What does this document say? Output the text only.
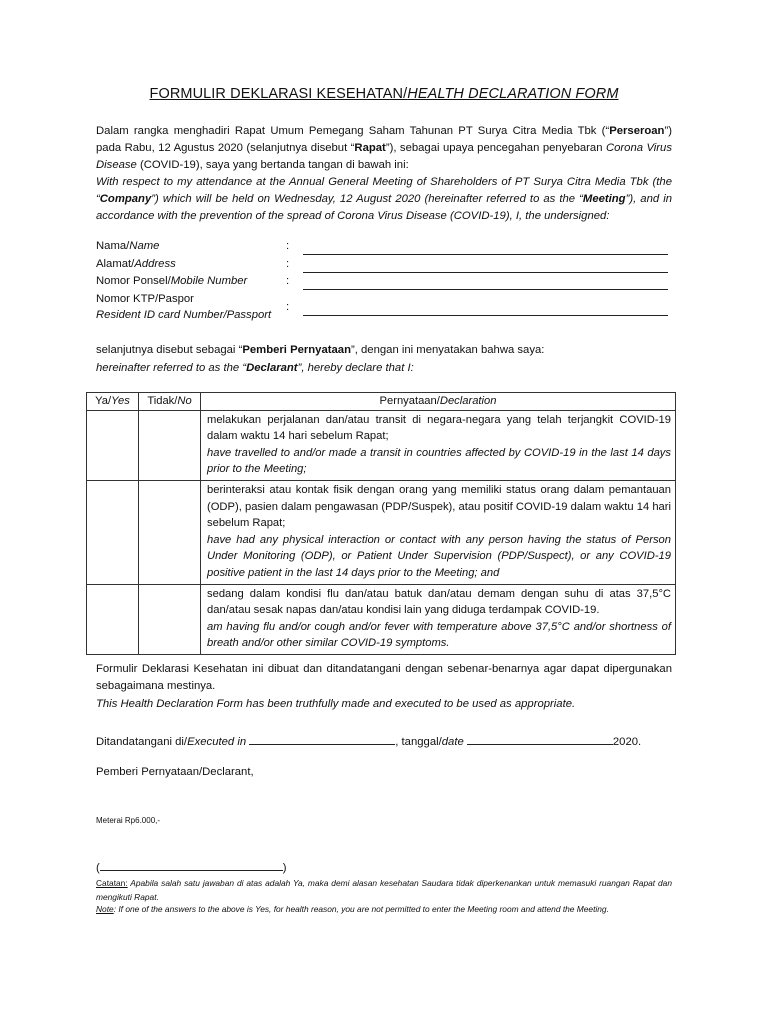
FORMULIR DEKLARASI KESEHATAN/HEALTH DECLARATION FORM
Dalam rangka menghadiri Rapat Umum Pemegang Saham Tahunan PT Surya Citra Media Tbk (“Perseroan”) pada Rabu, 12 Agustus 2020 (selanjutnya disebut “Rapat”), sebagai upaya pencegahan penyebaran Corona Virus Disease (COVID-19), saya yang bertanda tangan di bawah ini:
With respect to my attendance at the Annual General Meeting of Shareholders of PT Surya Citra Media Tbk (the “Company”) which will be held on Wednesday, 12 August 2020 (hereinafter referred to as the “Meeting”), and in accordance with the prevention of the spread of Corona Virus Disease (COVID-19), I, the undersigned:
Nama/Name	:
Alamat/Address	:
Nomor Ponsel/Mobile Number	:
Nomor KTP/Paspor
Resident ID card Number/Passport
:
selanjutnya disebut sebagai “Pemberi Pernyataan”, dengan ini menyatakan bahwa saya:
hereinafter referred to as the “Declarant”, hereby declare that I:
Ya/Yes	Tidak/No	Pernyataan/Declaration
		melakukan perjalanan dan/atau transit di negara-negara yang telah terjangkit COVID-19 dalam waktu 14 hari sebelum Rapat;
have travelled to and/or made a transit in countries affected by COVID-19 in the last 14 days prior to the Meeting;
		berinteraksi atau kontak fisik dengan orang yang memiliki status orang dalam pemantauan (ODP), pasien dalam pengawasan (PDP/Suspek), atau positif COVID-19 dalam waktu 14 hari sebelum Rapat;
have had any physical interaction or contact with any person having the status of Person Under Monitoring (ODP), or Patient Under Supervision (PDP/Suspect), or any COVID-19 positive patient in the last 14 days prior to the Meeting; and
		sedang dalam kondisi flu dan/atau batuk dan/atau demam dengan suhu di atas 37,5°C dan/atau sesak napas dan/atau kondisi lain yang diduga terdampak COVID-19.
am having flu and/or cough and/or fever with temperature above 37,5°C and/or shortness of breath and/or other similar COVID-19 symptoms.
Formulir Deklarasi Kesehatan ini dibuat dan ditandatangani dengan sebenar-benarnya agar dapat dipergunakan sebagaimana mestinya.
This Health Declaration Form has been truthfully made and executed to be used as appropriate.
Ditandatangani di/Executed in	, tanggal/date	2020.
Pemberi Pernyataan/Declarant,
Meterai Rp6.000,-
(	)
Catatan: Apabila salah satu jawaban di atas adalah Ya, maka demi alasan kesehatan Saudara tidak diperkenankan untuk memasuki ruangan Rapat dan mengikuti Rapat.
Note: If one of the answers to the above is Yes, for health reason, you are not permitted to enter the Meeting room and attend the Meeting.
